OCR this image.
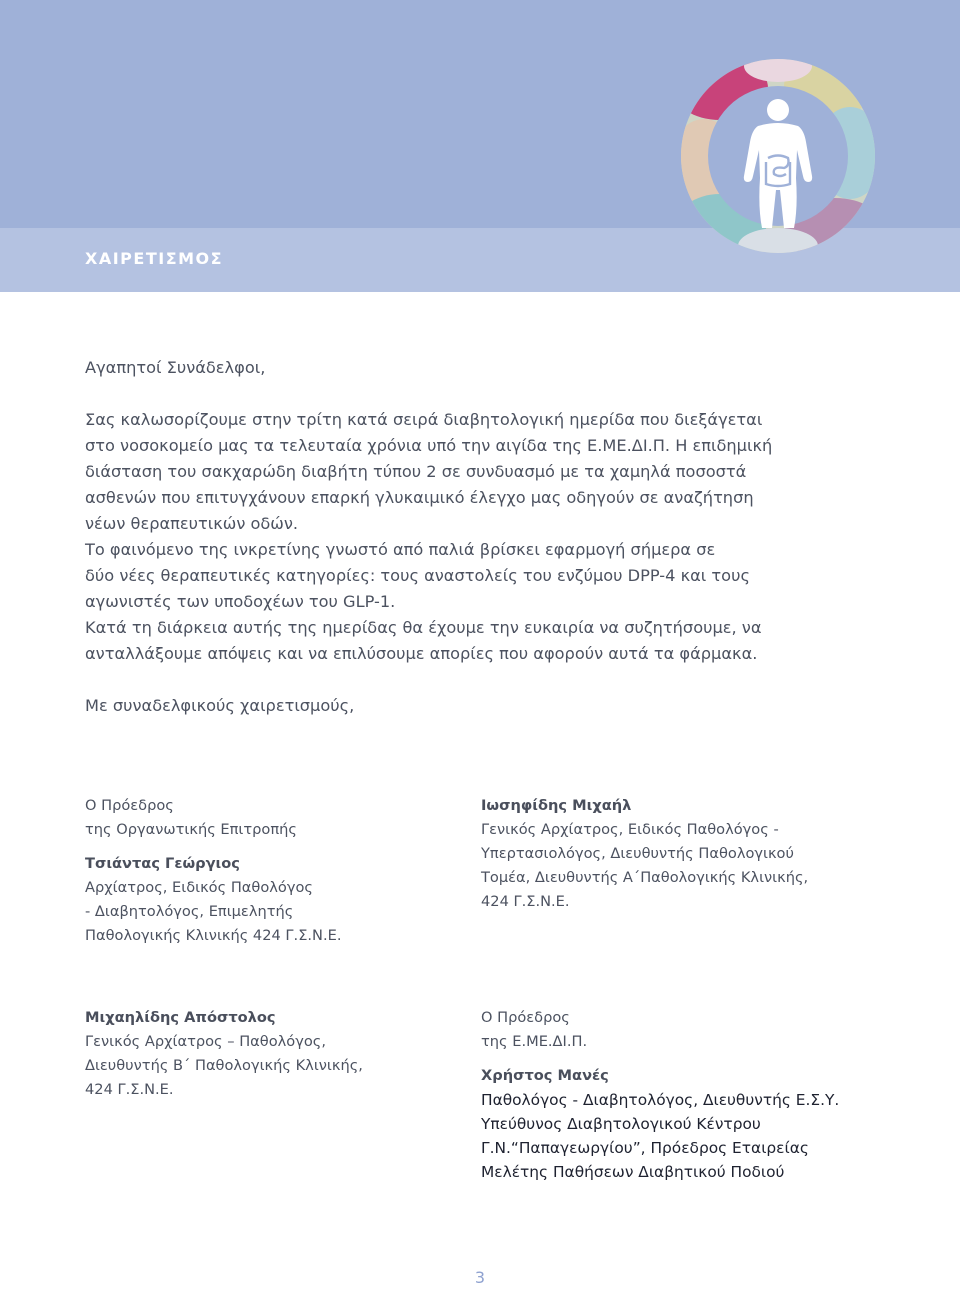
ΧΑΙΡΕΤΙΣΜΟΣ

Αγαπητοί Συνάδελφοι,

Σας καλωσορίζουμε στην τρίτη κατά σειρά διαβητολογική ημερίδα που διεξάγεται
στο νοσοκομείο μας τα τελευταία χρόνια υπό την αιγίδα της Ε.ΜΕ.ΔΙ.Π. Η επιδημική
διάσταση του σακχαρώδη διαβήτη τύπου 2 σε συνδυασμό με τα χαμηλά ποσοστά
ασθενών που επιτυγχάνουν επαρκή γλυκαιμικό έλεγχο μας οδηγούν σε αναζήτηση
νέων θεραπευτικών οδών.
Το φαινόμενο της ινκρετίνης γνωστό από παλιά βρίσκει εφαρμογή σήμερα σε
δύο νέες θεραπευτικές κατηγορίες: τους αναστολείς του ενζύμου DPP-4 και τους
αγωνιστές των υποδοχέων του GLP-1.
Κατά τη διάρκεια αυτής της ημερίδας θα έχουμε την ευκαιρία να συζητήσουμε, να
ανταλλάξουμε απόψεις και να επιλύσουμε απορίες που αφορούν αυτά τα φάρμακα.

Με συναδελφικούς χαιρετισμούς,

Ο Πρόεδρος
της Οργανωτικής Επιτροπής
Τσιάντας Γεώργιος
Αρχίατρος, Ειδικός Παθολόγος
- Διαβητολόγος, Επιμελητής
Παθολογικής Κλινικής 424 Γ.Σ.Ν.Ε.
Ιωσηφίδης Μιχαήλ
Γενικός Αρχίατρος, Ειδικός Παθολόγος -
Υπερτασιολόγος, Διευθυντής Παθολογικού
Τομέα, Διευθυντής Α΄Παθολογικής Κλινικής,
424 Γ.Σ.Ν.Ε.
Μιχαηλίδης Απόστολος
Γενικός Αρχίατρος – Παθολόγος,
Διευθυντής Β΄ Παθολογικής Κλινικής,
424 Γ.Σ.Ν.Ε.
Ο Πρόεδρος
της Ε.ΜΕ.ΔΙ.Π.
Χρήστος Μανές
Παθολόγος - Διαβητολόγος, Διευθυντής Ε.Σ.Υ.
Υπεύθυνος Διαβητολογικού Κέντρου
Γ.Ν.“Παπαγεωργίου”, Πρόεδρος Εταιρείας
Μελέτης Παθήσεων Διαβητικού Ποδιού
3
